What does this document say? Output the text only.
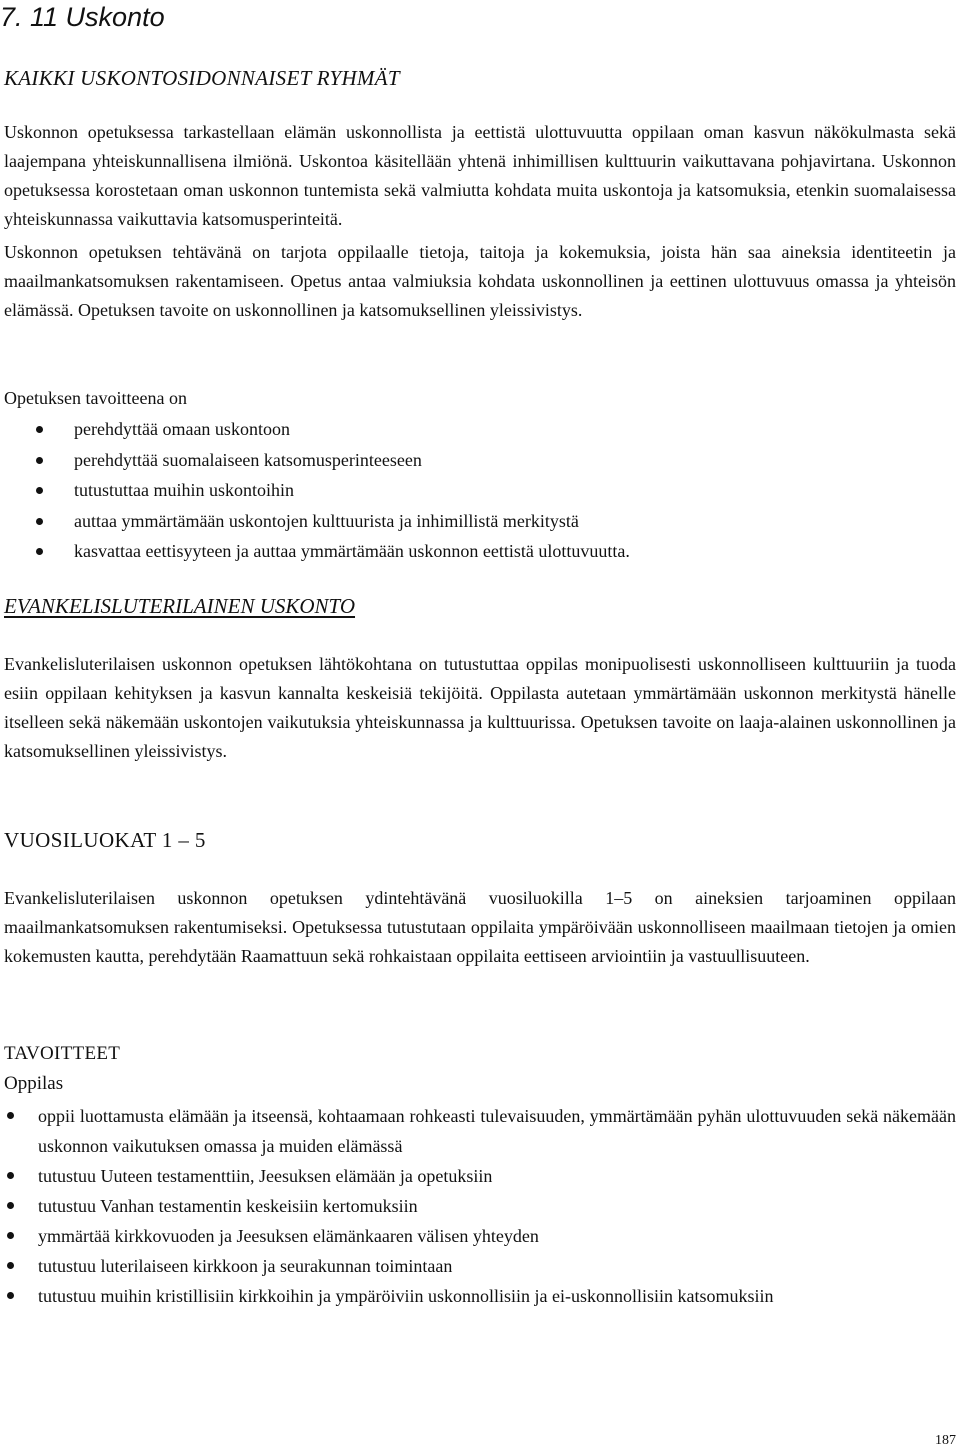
7. 11 Uskonto
KAIKKI USKONTOSIDONNAISET RYHMÄT

Uskonnon opetuksessa tarkastellaan elämän uskonnollista ja eettistä ulottuvuutta oppilaan oman kasvun näkökulmasta sekä laajempana yhteiskunnallisena ilmiönä. Uskontoa käsitellään yhtenä inhimillisen kulttuurin vaikuttavana pohjavirtana. Uskonnon opetuksessa korostetaan oman uskonnon tuntemista sekä valmiutta kohdata muita uskontoja ja katsomuksia, etenkin suomalaisessa yhteiskunnassa vaikuttavia katsomusperinteitä.

Uskonnon opetuksen tehtävänä on tarjota oppilaalle tietoja, taitoja ja kokemuksia, joista hän saa aineksia identiteetin ja maailmankatsomuksen rakentamiseen. Opetus antaa valmiuksia kohdata uskonnollinen ja eettinen ulottuvuus omassa ja yhteisön elämässä. Opetuksen tavoite on uskonnollinen ja katsomuksellinen yleissivistys.

Opetuksen tavoitteena on

perehdyttää omaan uskontoon
perehdyttää suomalaiseen katsomusperinteeseen
tutustuttaa muihin uskontoihin
auttaa ymmärtämään uskontojen kulttuurista ja inhimillistä merkitystä
kasvattaa eettisyyteen ja auttaa ymmärtämään uskonnon eettistä ulottuvuutta.
EVANKELISLUTERILAINEN USKONTO

Evankelisluterilaisen uskonnon opetuksen lähtökohtana on tutustuttaa oppilas monipuolisesti uskonnolliseen kulttuuriin ja tuoda esiin oppilaan kehityksen ja kasvun kannalta keskeisiä tekijöitä. Oppilasta autetaan ymmärtämään uskonnon merkitystä hänelle itselleen sekä näkemään uskontojen vaikutuksia yhteiskunnassa ja kulttuurissa. Opetuksen tavoite on laaja-alainen uskonnollinen ja katsomuksellinen yleissivistys.

VUOSILUOKAT 1 – 5

Evankelisluterilaisen uskonnon opetuksen ydintehtävänä vuosiluokilla 1–5 on aineksien tarjoaminen oppilaan maailmankatsomuksen rakentumiseksi. Opetuksessa tutustutaan oppilaita ympäröivään uskonnolliseen maailmaan tietojen ja omien kokemusten kautta, perehdytään Raamattuun sekä rohkaistaan oppilaita eettiseen arviointiin ja vastuullisuuteen.

TAVOITTEET

Oppilas

oppii luottamusta elämään ja itseensä, kohtaamaan rohkeasti tulevaisuuden, ymmärtämään pyhän ulottuvuuden sekä näkemään uskonnon vaikutuksen omassa ja muiden elämässä
tutustuu Uuteen testamenttiin, Jeesuksen elämään ja opetuksiin
tutustuu Vanhan testamentin keskeisiin kertomuksiin
ymmärtää kirkkovuoden ja Jeesuksen elämänkaaren välisen yhteyden
tutustuu luterilaiseen kirkkoon ja seurakunnan toimintaan
tutustuu muihin kristillisiin kirkkoihin ja ympäröiviin uskonnollisiin ja ei-uskonnollisiin katsomuksiin

187
